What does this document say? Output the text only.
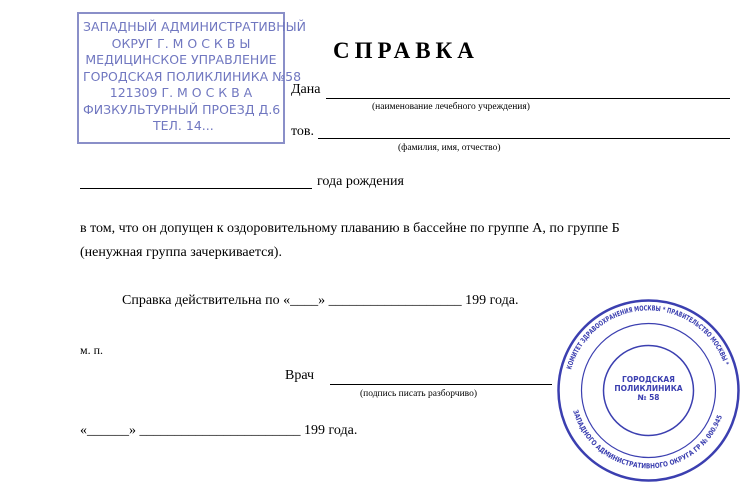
ЗАПАДНЫЙ АДМИНИСТРАТИВНЫЙ
ОКРУГ Г. М О С К В Ы
МЕДИЦИНСКОЕ УПРАВЛЕНИЕ
ГОРОДСКАЯ ПОЛИКЛИНИКА №58
121309 Г. М О С К В А
ФИЗКУЛЬТУРНЫЙ ПРОЕЗД Д.6
ТЕЛ. 14...
СПРАВКА
Дана
(наименование лечебного учреждения)
тов.
(фамилия, имя, отчество)
года рождения
в том, что он допущен к оздоровительному плаванию в бассейне по группе А, по группе Б
(ненужная группа зачеркивается).
Справка действительна по «____» ___________________ 199 года.
м. п.
Врач
(подпись писать разборчиво)
«______» _______________________ 199 года.
КОМИТЕТ ЗДРАВООХРАНЕНИЯ МОСКВЫ * ПРАВИТЕЛЬСТВО МОСКВЫ *
ЗАПАДНОГО АДМИНИСТРАТИВНОГО ОКРУГА ГР № 000.945
ГОРОДСКАЯ
ПОЛИКЛИНИКА
№ 58
